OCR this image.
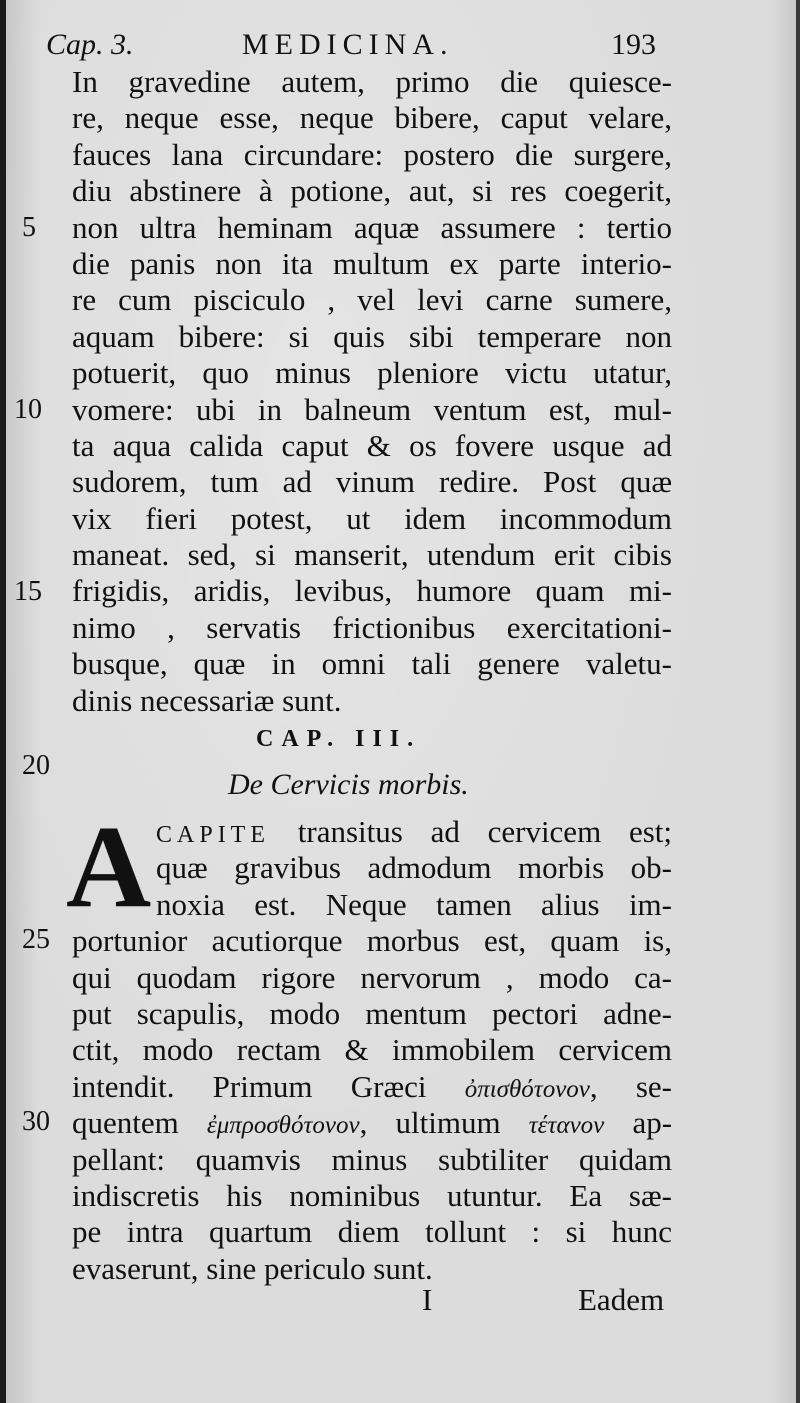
Cap. 3.	MEDICINA.	193
In gravedine autem, primo die quiesce-
re, neque esse, neque bibere, caput velare,
fauces lana circundare: postero die surgere,
diu abstinere à potione, aut, si res coegerit,
non ultra heminam aquæ assumere : tertio
die panis non ita multum ex parte interio-
re cum pisciculo , vel levi carne sumere,
aquam bibere: si quis sibi temperare non
potuerit, quo minus pleniore victu utatur,
vomere: ubi in balneum ventum est, mul-
ta aqua calida caput & os fovere usque ad
sudorem, tum ad vinum redire. Post quæ
vix fieri potest, ut idem incommodum
maneat. sed, si manserit, utendum erit cibis
frigidis, aridis, levibus, humore quam mi-
nimo , servatis frictionibus exercitationi-
busque, quæ in omni tali genere valetu-
dinis necessariæ sunt.
5
10
15
CAP. III.
20
De Cervicis morbis.
A CAPITE transitus ad cervicem est;
quæ gravibus admodum morbis ob-
noxia est. Neque tamen alius im-
portunior acutiorque morbus est, quam is,
qui quodam rigore nervorum , modo ca-
put scapulis, modo mentum pectori adne-
ctit, modo rectam & immobilem cervicem
intendit. Primum Græci ὀπισθότονον, se-
quentem ἐμπροσθότονον, ultimum τέτανον ap-
pellant: quamvis minus subtiliter quidam
indiscretis his nominibus utuntur. Ea sæ-
pe intra quartum diem tollunt : si hunc
evaserunt, sine periculo sunt.
25
30
I	Eadem
